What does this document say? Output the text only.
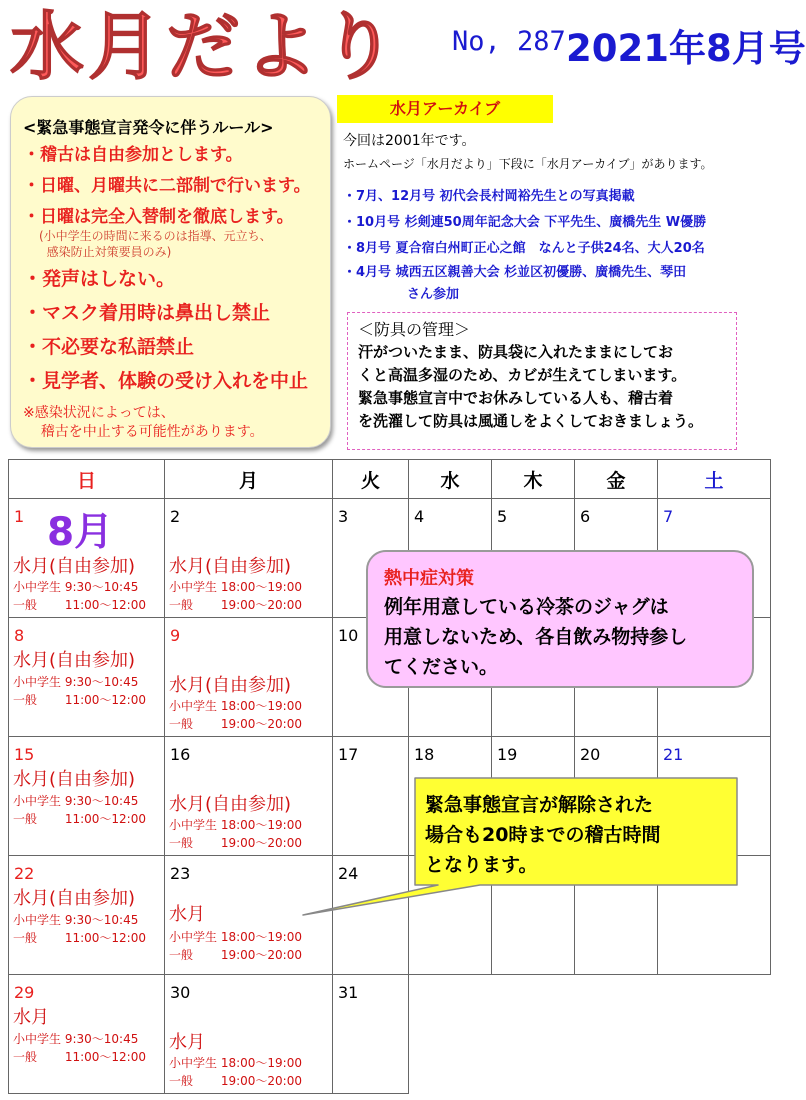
水月だより No, 287 2021年8月号
<緊急事態宣言発令に伴うルール>
・稽古は自由参加とします。
・日曜、月曜共に二部制で行います。
・日曜は完全入替制を徹底します。
(小中学生の時間に来るのは指導、元立ち、
感染防止対策要員のみ)
・発声はしない。
・マスク着用時は鼻出し禁止
・不必要な私語禁止
・見学者、体験の受け入れを中止
※感染状況によっては、
稽古を中止する可能性があります。
水月アーカイブ
今回は2001年です。
ホームページ「水月だより」下段に「水月アーカイブ」があります。
・7月、12月号 初代会長村岡裕先生との写真掲載
・10月号 杉剣連50周年記念大会 下平先生、廣橋先生 W優勝
・8月号 夏合宿白州町正心之館　なんと子供24名、大人20名
・4月号 城西五区親善大会 杉並区初優勝、廣橋先生、琴田
さん参加
＜防具の管理＞
汗がついたまま、防具袋に入れたままにしてお
くと高温多湿のため、カビが生えてしまいます。
緊急事態宣言中でお休みしている人も、稽古着
を洗濯して防具は風通しをよくしておきましょう。
日	月	火	水	木	金	土

1 8月
水月(自由参加)
小中学生 9:30〜10:45
一般　　 11:00〜12:00	2
水月(自由参加)
小中学生 18:00〜19:00
一般　　 19:00〜20:00	3	4	5	6	7

8
水月(自由参加)
小中学生 9:30〜10:45
一般　　 11:00〜12:00	9
水月(自由参加)
小中学生 18:00〜19:00
一般　　 19:00〜20:00	10				

15
水月(自由参加)
小中学生 9:30〜10:45
一般　　 11:00〜12:00	16
水月(自由参加)
小中学生 18:00〜19:00
一般　　 19:00〜20:00	17	18	19	20	21

22
水月(自由参加)
小中学生 9:30〜10:45
一般　　 11:00〜12:00	23
水月
小中学生 18:00〜19:00
一般　　 19:00〜20:00	24

29
水月
小中学生 9:30〜10:45
一般　　 11:00〜12:00	30
水月
小中学生 18:00〜19:00
一般　　 19:00〜20:00	31				

熱中症対策
例年用意している冷茶のジャグは
用意しないため、各自飲み物持参し
てください。
緊急事態宣言が解除された
場合も20時までの稽古時間
となります。
